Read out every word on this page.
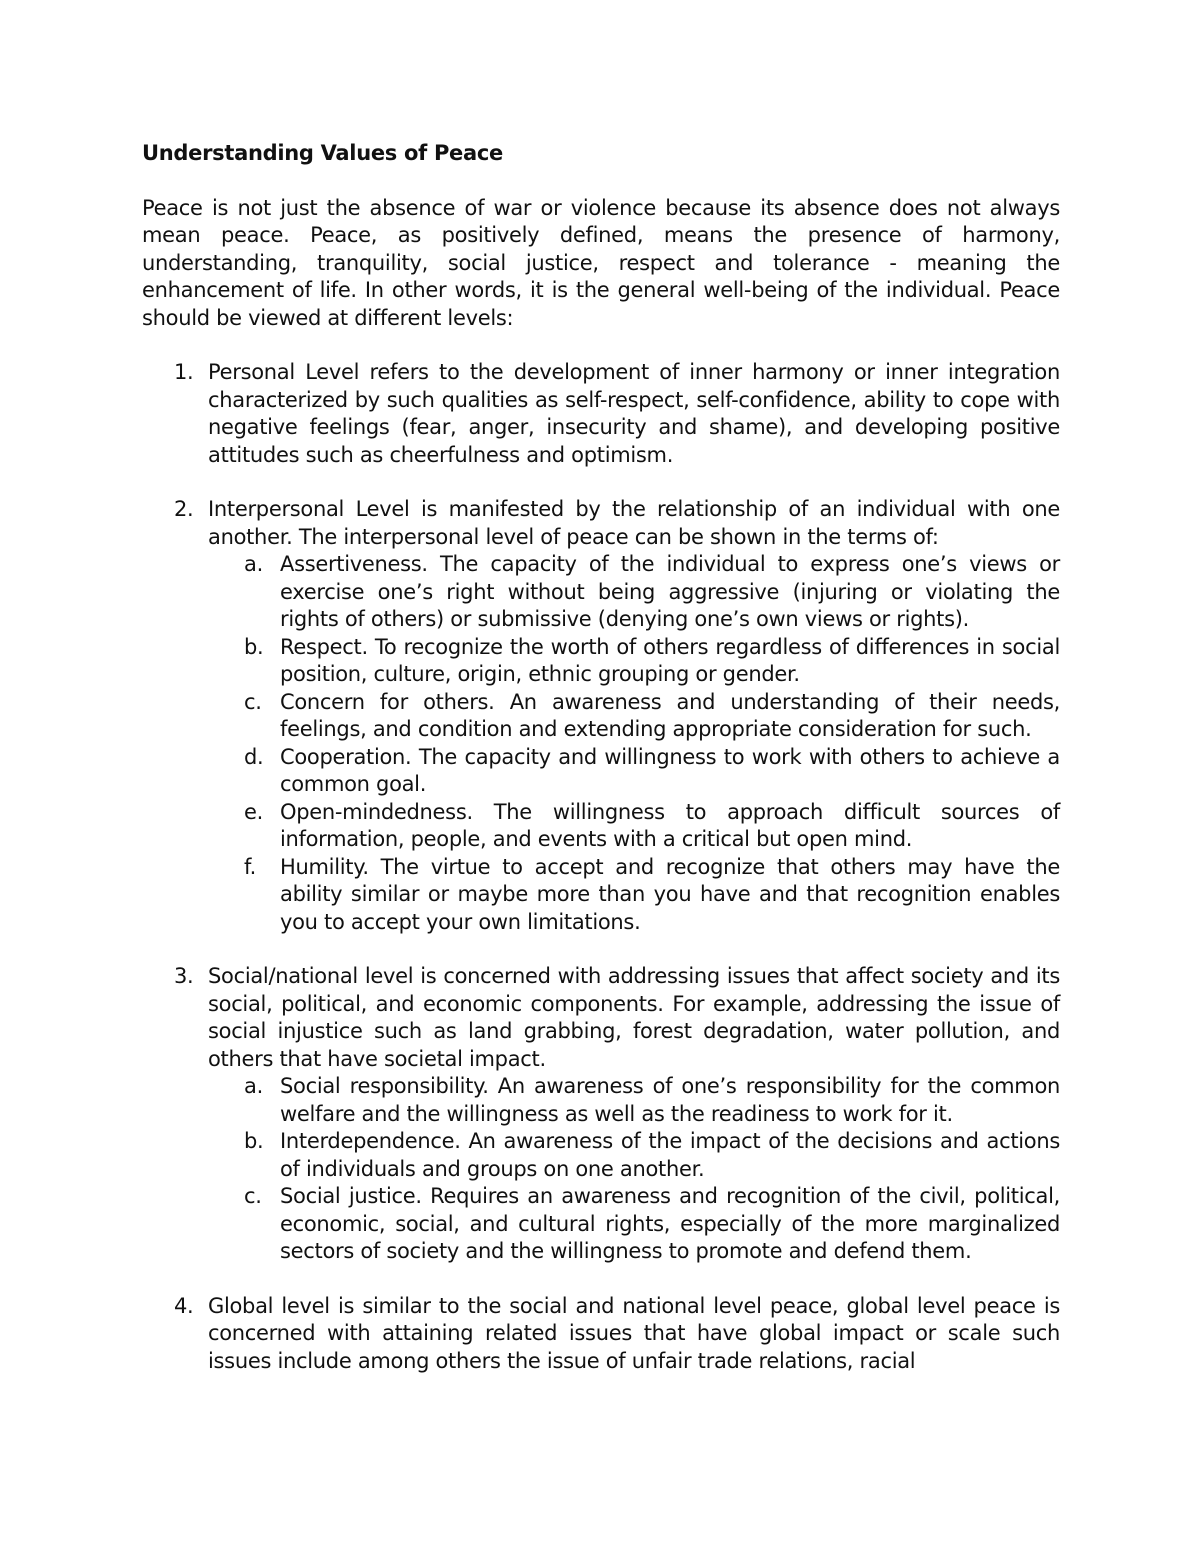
Understanding Values of Peace

Peace is not just the absence of war or violence because its absence does not always mean peace. Peace, as positively defined, means the presence of harmony, understanding, tranquility, social justice, respect and tolerance - meaning the enhancement of life. In other words, it is the general well-being of the individual. Peace should be viewed at different levels:

1. Personal Level refers to the development of inner harmony or inner integration characterized by such qualities as self-respect, self-confidence, ability to cope with negative feelings (fear, anger, insecurity and shame), and developing positive attitudes such as cheerfulness and optimism.
2. Interpersonal Level is manifested by the relationship of an individual with one another. The interpersonal level of peace can be shown in the terms of:
a. Assertiveness. The capacity of the individual to express one’s views or exercise one’s right without being aggressive (injuring or violating the rights of others) or submissive (denying one’s own views or rights).
b. Respect. To recognize the worth of others regardless of differences in social position, culture, origin, ethnic grouping or gender.
c. Concern for others. An awareness and understanding of their needs, feelings, and condition and extending appropriate consideration for such.
d. Cooperation. The capacity and willingness to work with others to achieve a common goal.
e. Open-mindedness. The willingness to approach difficult sources of information, people, and events with a critical but open mind.
f. Humility. The virtue to accept and recognize that others may have the ability similar or maybe more than you have and that recognition enables you to accept your own limitations.
3. Social/national level is concerned with addressing issues that affect society and its social, political, and economic components. For example, addressing the issue of social injustice such as land grabbing, forest degradation, water pollution, and others that have societal impact.
a. Social responsibility. An awareness of one’s responsibility for the common welfare and the willingness as well as the readiness to work for it.
b. Interdependence. An awareness of the impact of the decisions and actions of individuals and groups on one another.
c. Social justice. Requires an awareness and recognition of the civil, political, economic, social, and cultural rights, especially of the more marginalized sectors of society and the willingness to promote and defend them.
4. Global level is similar to the social and national level peace, global level peace is concerned with attaining related issues that have global impact or scale such issues include among others the issue of unfair trade relations, racial
